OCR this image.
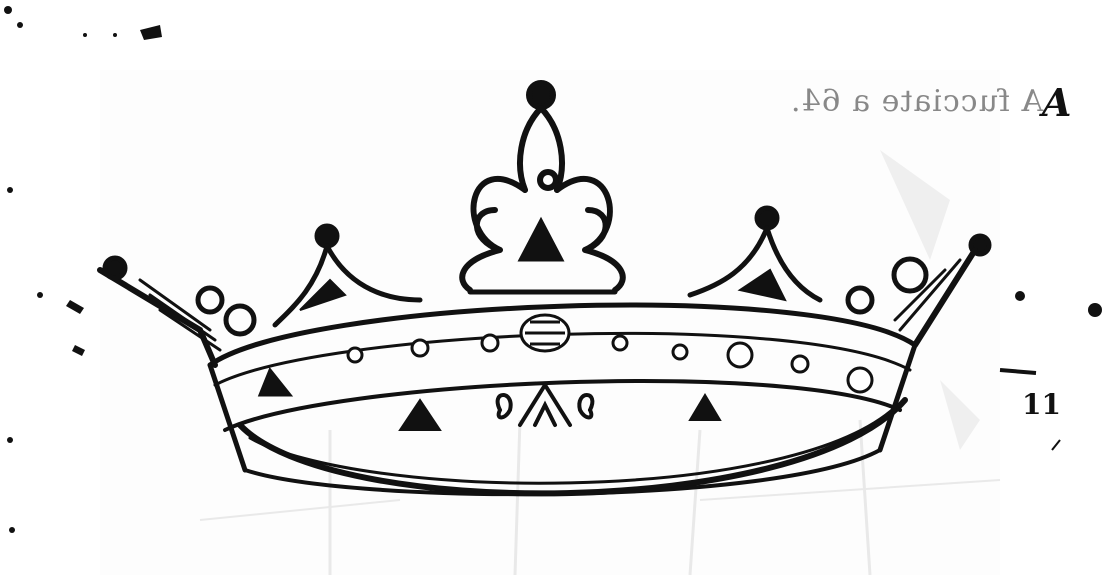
A fucciate a 64.
A
11
